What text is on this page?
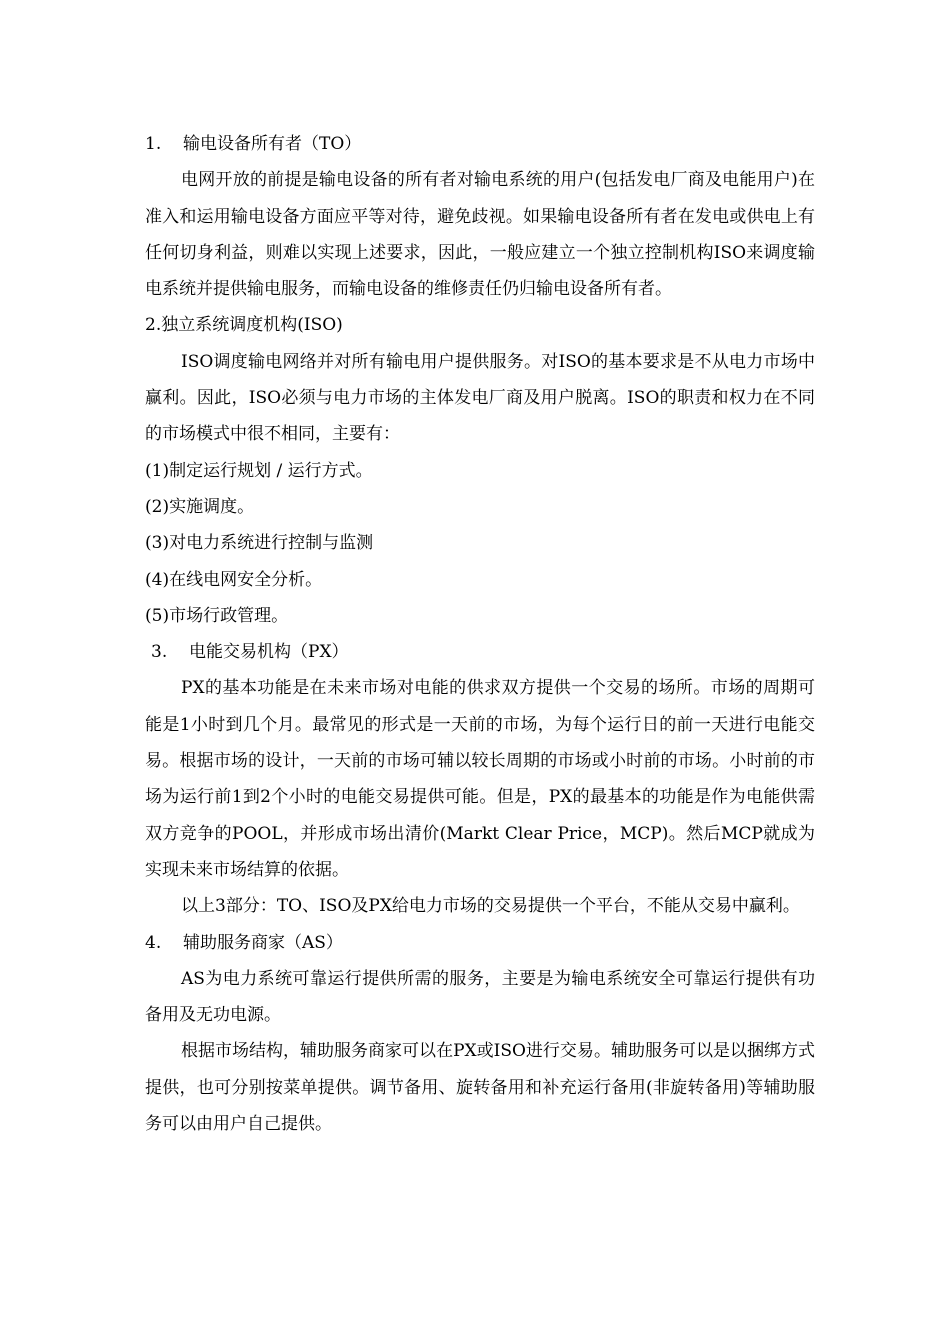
1. 输电设备所有者（TO）

电网开放的前提是输电设备的所有者对输电系统的用户(包括发电厂商及电能用户)在准入和运用输电设备方面应平等对待，避免歧视。如果输电设备所有者在发电或供电上有任何切身利益，则难以实现上述要求，因此，一般应建立一个独立控制机构ISO来调度输电系统并提供输电服务，而输电设备的维修责任仍归输电设备所有者。

2.独立系统调度机构(ISO)

ISO调度输电网络并对所有输电用户提供服务。对ISO的基本要求是不从电力市场中赢利。因此，ISO必须与电力市场的主体发电厂商及用户脱离。ISO的职责和权力在不同的市场模式中很不相同，主要有：

(1)制定运行规划 / 运行方式。

(2)实施调度。

(3)对电力系统进行控制与监测

(4)在线电网安全分析。

(5)市场行政管理。

3. 电能交易机构（PX）

PX的基本功能是在未来市场对电能的供求双方提供一个交易的场所。市场的周期可能是1小时到几个月。最常见的形式是一天前的市场，为每个运行日的前一天进行电能交易。根据市场的设计，一天前的市场可辅以较长周期的市场或小时前的市场。小时前的市场为运行前1到2个小时的电能交易提供可能。但是，PX的最基本的功能是作为电能供需双方竞争的POOL，并形成市场出清价(Markt Clear Price，MCP)。然后MCP就成为实现未来市场结算的依据。

以上3部分：TO、ISO及PX给电力市场的交易提供一个平台，不能从交易中赢利。

4. 辅助服务商家（AS）

AS为电力系统可靠运行提供所需的服务，主要是为输电系统安全可靠运行提供有功备用及无功电源。

根据市场结构，辅助服务商家可以在PX或ISO进行交易。辅助服务可以是以捆绑方式提供，也可分别按菜单提供。调节备用、旋转备用和补充运行备用(非旋转备用)等辅助服务可以由用户自己提供。
